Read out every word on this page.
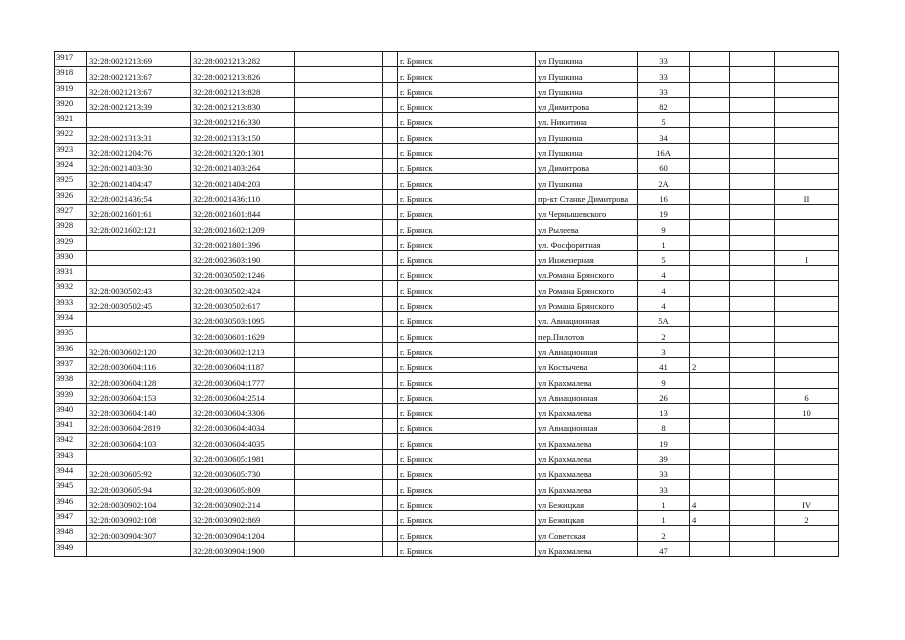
3917	32:28:0021213:69	32:28:0021213:282			г. Брянск	ул Пушкина	33			
3918	32:28:0021213:67	32:28:0021213:826			г. Брянск	ул Пушкина	33			
3919	32:28:0021213:67	32:28:0021213:828			г. Брянск	ул Пушкина	33			
3920	32:28:0021213:39	32:28:0021213:830			г. Брянск	ул Димитрова	82			
3921		32:28:0021216:330			г. Брянск	ул. Никитина	5			
3922	32:28:0021313:31	32:28:0021313:150			г. Брянск	ул Пушкина	34			
3923	32:28:0021204:76	32:28:0021320:1301			г. Брянск	ул Пушкина	16А			
3924	32:28:0021403:30	32:28:0021403:264			г. Брянск	ул Димитрова	60			
3925	32:28:0021404:47	32:28:0021404:203			г. Брянск	ул Пушкина	2А			
3926	32:28:0021436:54	32:28:0021436:110			г. Брянск	пр-кт Станке Димитрова	16			II
3927	32:28:0021601:61	32:28:0021601:844			г. Брянск	ул Чернышевского	19			
3928	32:28:0021602:121	32:28:0021602:1209			г. Брянск	ул Рылеева	9			
3929		32:28:0021801:396			г. Брянск	ул. Фосфоритная	1			
3930		32:28:0023603:190			г. Брянск	ул Инженерная	5			I
3931		32:28:0030502:1246			г. Брянск	ул.Романа Брянского	4			
3932	32:28:0030502:43	32:28:0030502:424			г. Брянск	ул Романа Брянского	4			
3933	32:28:0030502:45	32:28:0030502:617			г. Брянск	ул Романа Брянского	4			
3934		32:28:0030503:1095			г. Брянск	ул. Авиационная	5А			
3935		32:28:0030601:1629			г. Брянск	пер.Пилотов	2			
3936	32:28:0030602:120	32:28:0030602:1213			г. Брянск	ул Авиационная	3			
3937	32:28:0030604:116	32:28:0030604:1187			г. Брянск	ул Костычева	41	2		
3938	32:28:0030604:128	32:28:0030604:1777			г. Брянск	ул Крахмалева	9			
3939	32:28:0030604:153	32:28:0030604:2514			г. Брянск	ул Авиационная	26			6
3940	32:28:0030604:140	32:28:0030604:3306			г. Брянск	ул Крахмалева	13			10
3941	32:28:0030604:2819	32:28:0030604:4034			г. Брянск	ул Авиационная	8			
3942	32:28:0030604:103	32:28:0030604:4035			г. Брянск	ул Крахмалева	19			
3943		32:28:0030605:1981			г. Брянск	ул Крахмалева	39			
3944	32:28:0030605:92	32:28:0030605:730			г. Брянск	ул Крахмалева	33			
3945	32:28:0030605:94	32:28:0030605:809			г. Брянск	ул Крахмалева	33			
3946	32:28:0030902:104	32:28:0030902:214			г. Брянск	ул Бежицкая	1	4		IV
3947	32:28:0030902:108	32:28:0030902:869			г. Брянск	ул Бежицкая	1	4		2
3948	32:28:0030904:307	32:28:0030904:1204			г. Брянск	ул Советская	2			
3949		32:28:0030904:1900			г. Брянск	ул Крахмалева	47			
